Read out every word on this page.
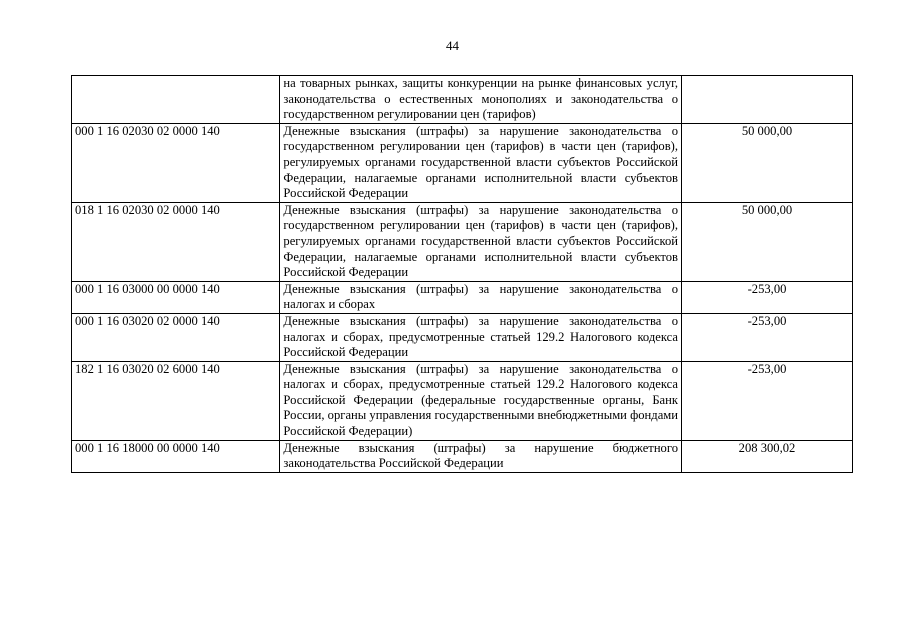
44
	на товарных рынках, защиты конкуренции на рынке финансовых услуг, законодательства о естественных монополиях и законодательства о государственном регулировании цен (тарифов)	
000 1 16 02030 02 0000 140	Денежные взыскания (штрафы) за нарушение законодательства о государственном регулировании цен (тарифов) в части цен (тарифов), регулируемых органами государственной власти субъектов Российской Федерации, налагаемые органами исполнительной власти субъектов Российской Федерации	50 000,00
018 1 16 02030 02 0000 140	Денежные взыскания (штрафы) за нарушение законодательства о государственном регулировании цен (тарифов) в части цен (тарифов), регулируемых органами государственной власти субъектов Российской Федерации, налагаемые органами исполнительной власти субъектов Российской Федерации	50 000,00
000 1 16 03000 00 0000 140	Денежные взыскания (штрафы) за нарушение законодательства о налогах и сборах	-253,00
000 1 16 03020 02 0000 140	Денежные взыскания (штрафы) за нарушение законодательства о налогах и сборах, предусмотренные статьей 129.2 Налогового кодекса Российской Федерации	-253,00
182 1 16 03020 02 6000 140	Денежные взыскания (штрафы) за нарушение законодательства о налогах и сборах, предусмотренные статьей 129.2 Налогового кодекса Российской Федерации (федеральные государственные органы, Банк России, органы управления государственными внебюджетными фондами Российской Федерации)	-253,00
000 1 16 18000 00 0000 140	Денежные взыскания (штрафы) за нарушение бюджетного законодательства Российской Федерации	208 300,02
